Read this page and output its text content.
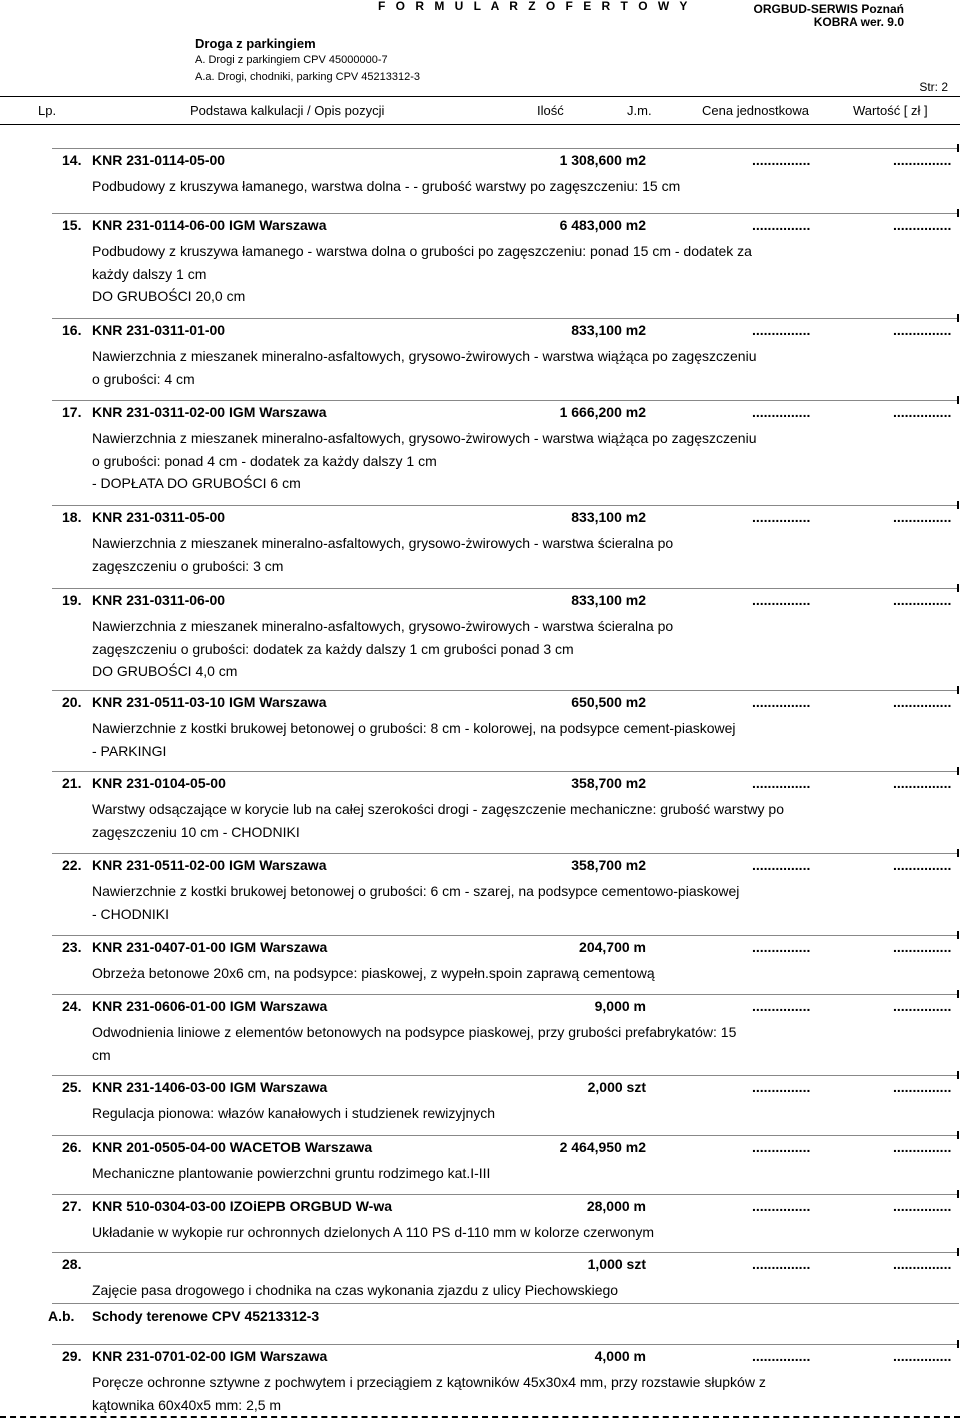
F O R M U L A R Z O F E R T O W Y	ORGBUD-SERWIS Poznań
KOBRA wer. 9.0
Droga z parkingiem
A. Drogi z parkingiem CPV 45000000-7
A.a. Drogi, chodniki, parking CPV 45213312-3
Str: 2
Lp.	Podstawa kalkulacji / Opis pozycji	Ilość	J.m.	Cena jednostkowa	Wartość [ zł ]
14. KNR 231-0114-05-00	1 308,600 m2	...............	...............
Podbudowy z kruszywa łamanego, warstwa dolna - - grubość warstwy po zagęszczeniu: 15 cm
15. KNR 231-0114-06-00 IGM Warszawa	6 483,000 m2	...............	...............
Podbudowy z kruszywa łamanego - warstwa dolna o grubości po zagęszczeniu: ponad 15 cm - dodatek za
każdy dalszy 1 cm
DO GRUBOŚCI 20,0 cm
16. KNR 231-0311-01-00	833,100 m2	...............	...............
Nawierzchnia z mieszanek mineralno-asfaltowych, grysowo-żwirowych - warstwa wiążąca po zagęszczeniu
o grubości: 4 cm
17. KNR 231-0311-02-00 IGM Warszawa	1 666,200 m2	...............	...............
Nawierzchnia z mieszanek mineralno-asfaltowych, grysowo-żwirowych - warstwa wiążąca po zagęszczeniu
o grubości: ponad 4 cm - dodatek za każdy dalszy 1 cm
- DOPŁATA DO GRUBOŚCI 6 cm
18. KNR 231-0311-05-00	833,100 m2	...............	...............
Nawierzchnia z mieszanek mineralno-asfaltowych, grysowo-żwirowych - warstwa ścieralna po
zagęszczeniu o grubości: 3 cm
19. KNR 231-0311-06-00	833,100 m2	...............	...............
Nawierzchnia z mieszanek mineralno-asfaltowych, grysowo-żwirowych - warstwa ścieralna po
zagęszczeniu o grubości: dodatek za każdy dalszy 1 cm grubości ponad 3 cm
DO GRUBOŚCI 4,0 cm
20. KNR 231-0511-03-10 IGM Warszawa	650,500 m2	...............	...............
Nawierzchnie z kostki brukowej betonowej o grubości: 8 cm - kolorowej, na podsypce cement-piaskowej
- PARKINGI
21. KNR 231-0104-05-00	358,700 m2	...............	...............
Warstwy odsączające w korycie lub na całej szerokości drogi - zagęszczenie mechaniczne: grubość warstwy po
zagęszczeniu 10 cm - CHODNIKI
22. KNR 231-0511-02-00 IGM Warszawa	358,700 m2	...............	...............
Nawierzchnie z kostki brukowej betonowej o grubości: 6 cm - szarej, na podsypce cementowo-piaskowej
- CHODNIKI
23. KNR 231-0407-01-00 IGM Warszawa	204,700 m	...............	...............
Obrzeża betonowe 20x6 cm, na podsypce: piaskowej, z wypełn.spoin zaprawą cementową
24. KNR 231-0606-01-00 IGM Warszawa	9,000 m	...............	...............
Odwodnienia liniowe z elementów betonowych na podsypce piaskowej, przy grubości prefabrykatów: 15
cm
25. KNR 231-1406-03-00 IGM Warszawa	2,000 szt	...............	...............
Regulacja pionowa: włazów kanałowych i studzienek rewizyjnych
26. KNR 201-0505-04-00 WACETOB Warszawa	2 464,950 m2	...............	...............
Mechaniczne plantowanie powierzchni gruntu rodzimego kat.I-III
27. KNR 510-0304-03-00 IZOiEPB ORGBUD W-wa	28,000 m	...............	...............
Układanie w wykopie rur ochronnych dzielonych A 110 PS d-110 mm w kolorze czerwonym
28.	1,000 szt	...............	...............
Zajęcie pasa drogowego i chodnika na czas wykonania zjazdu z ulicy Piechowskiego
A.b. Schody terenowe CPV 45213312-3
29. KNR 231-0701-02-00 IGM Warszawa	4,000 m	...............	...............
Poręcze ochronne sztywne z pochwytem i przeciągiem z kątowników 45x30x4 mm, przy rozstawie słupków z
kątownika 60x40x5 mm: 2,5 m
